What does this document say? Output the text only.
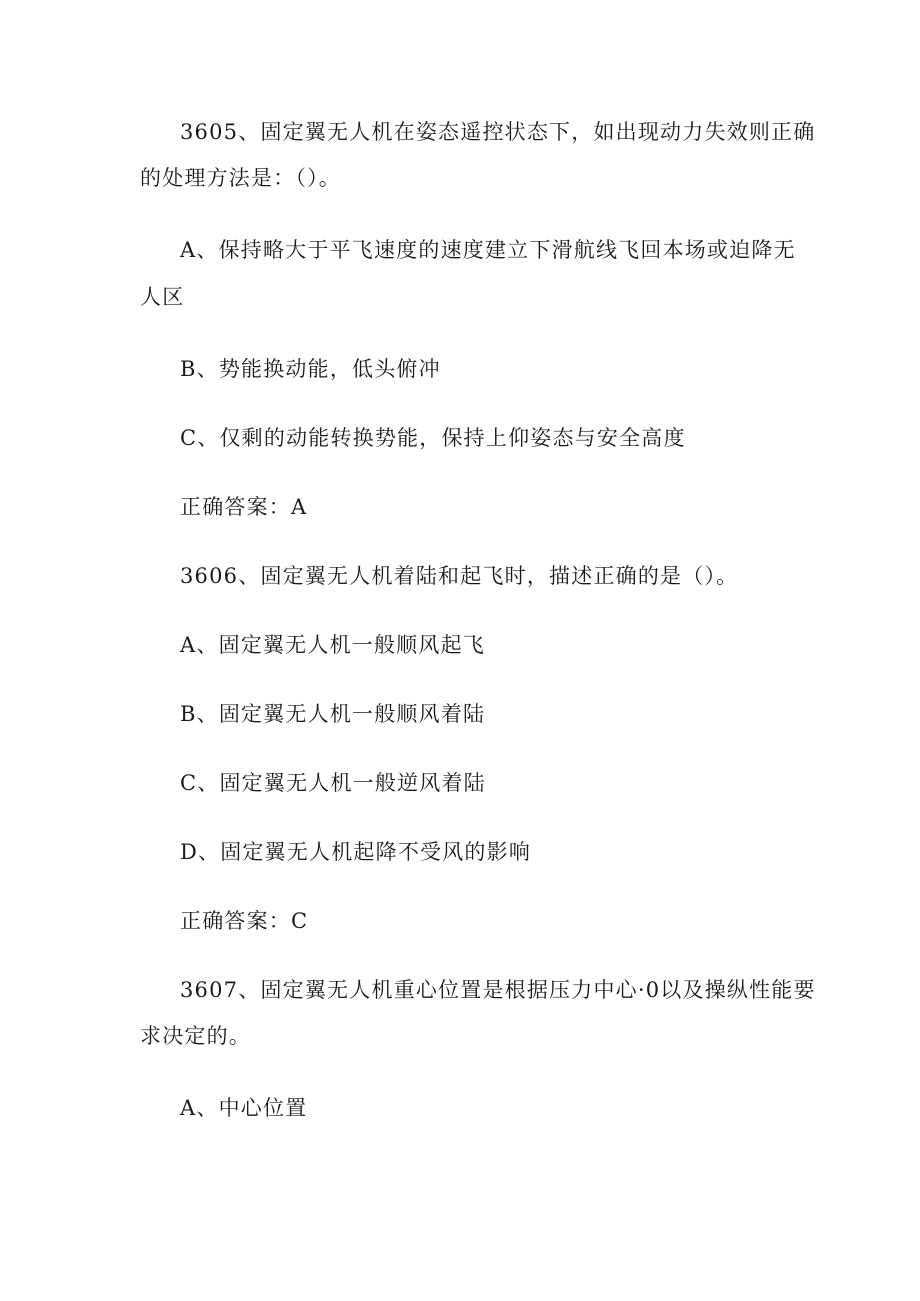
3605、固定翼无人机在姿态遥控状态下，如出现动力失效则正确
的处理方法是：（）。
A、保持略大于平飞速度的速度建立下滑航线飞回本场或迫降无
人区
B、势能换动能，低头俯冲
C、仅剩的动能转换势能，保持上仰姿态与安全高度
正确答案：A
3606、固定翼无人机着陆和起飞时，描述正确的是（）。
A、固定翼无人机一般顺风起飞
B、固定翼无人机一般顺风着陆
C、固定翼无人机一般逆风着陆
D、固定翼无人机起降不受风的影响
正确答案：C
3607、固定翼无人机重心位置是根据压力中心·0以及操纵性能要
求决定的。
A、中心位置
